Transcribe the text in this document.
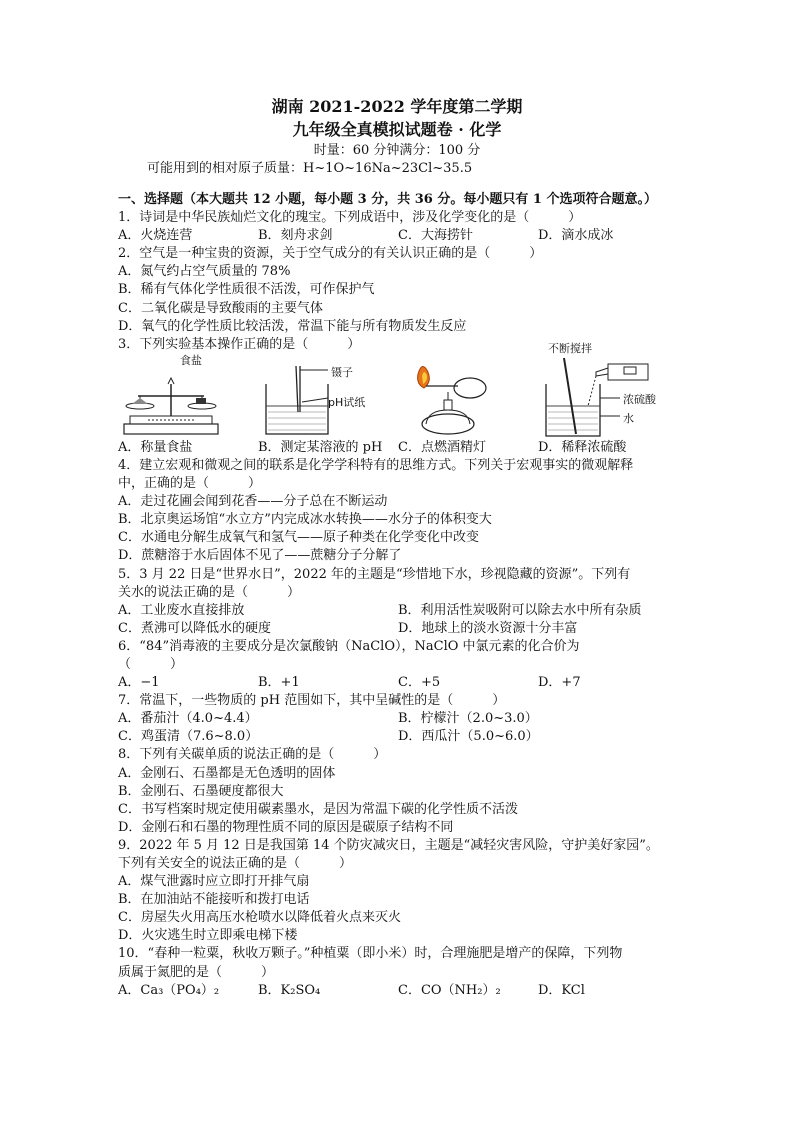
湖南 2021-2022 学年度第二学期
九年级全真模拟试题卷 · 化学
时量：60 分钟满分：100 分
可能用到的相对原子质量：H~1O~16Na~23Cl~35.5
一、选择题（本大题共 12 小题，每小题 3 分，共 36 分。每小题只有 1 个选项符合题意。）
1．诗词是中华民族灿烂文化的瑰宝。下列成语中，涉及化学变化的是（　　　）
A．火烧连营	B．刻舟求剑	C．大海捞针	D．滴水成冰
2．空气是一种宝贵的资源，关于空气成分的有关认识正确的是（　　　）
A．氮气约占空气质量的 78%
B．稀有气体化学性质很不活泼，可作保护气
C．二氧化碳是导致酸雨的主要气体
D．氧气的化学性质比较活泼，常温下能与所有物质发生反应
3．下列实验基本操作正确的是（　　　）
食盐
镊子
pH试纸
不断搅拌
浓硫酸
水
A．称量食盐	B．测定某溶液的 pH	C．点燃酒精灯	D．稀释浓硫酸
4．建立宏观和微观之间的联系是化学学科特有的思维方式。下列关于宏观事实的微观解释
中，正确的是（　　　）
A．走过花圃会闻到花香——分子总在不断运动
B．北京奥运场馆“水立方”内完成冰水转换——水分子的体积变大
C．水通电分解生成氧气和氢气——原子种类在化学变化中改变
D．蔗糖溶于水后固体不见了——蔗糖分子分解了
5．3 月 22 日是“世界水日”，2022 年的主题是“珍惜地下水，珍视隐藏的资源”。下列有
关水的说法正确的是（　　　）
A．工业废水直接排放	B．利用活性炭吸附可以除去水中所有杂质
C．煮沸可以降低水的硬度	D．地球上的淡水资源十分丰富
6．“84”消毒液的主要成分是次氯酸钠（NaClO），NaClO 中氯元素的化合价为
（　　　）
A．−1	B．+1	C．+5	D．+7
7．常温下，一些物质的 pH 范围如下，其中呈碱性的是（　　　）
A．番茄汁（4.0~4.4）	B．柠檬汁（2.0~3.0）
C．鸡蛋清（7.6~8.0）	D．西瓜汁（5.0~6.0）
8．下列有关碳单质的说法正确的是（　　　）
A．金刚石、石墨都是无色透明的固体
B．金刚石、石墨硬度都很大
C．书写档案时规定使用碳素墨水，是因为常温下碳的化学性质不活泼
D．金刚石和石墨的物理性质不同的原因是碳原子结构不同
9．2022 年 5 月 12 日是我国第 14 个防灾减灾日，主题是“减轻灾害风险，守护美好家园”。
下列有关安全的说法正确的是（　　　）
A．煤气泄露时应立即打开排气扇
B．在加油站不能接听和拨打电话
C．房屋失火用高压水枪喷水以降低着火点来灭火
D．火灾逃生时立即乘电梯下楼
10．“春种一粒粟，秋收万颗子。”种植粟（即小米）时，合理施肥是增产的保障，下列物
质属于氮肥的是（　　　）
A．Ca₃（PO₄）₂	B．K₂SO₄	C．CO（NH₂）₂	D．KCl
